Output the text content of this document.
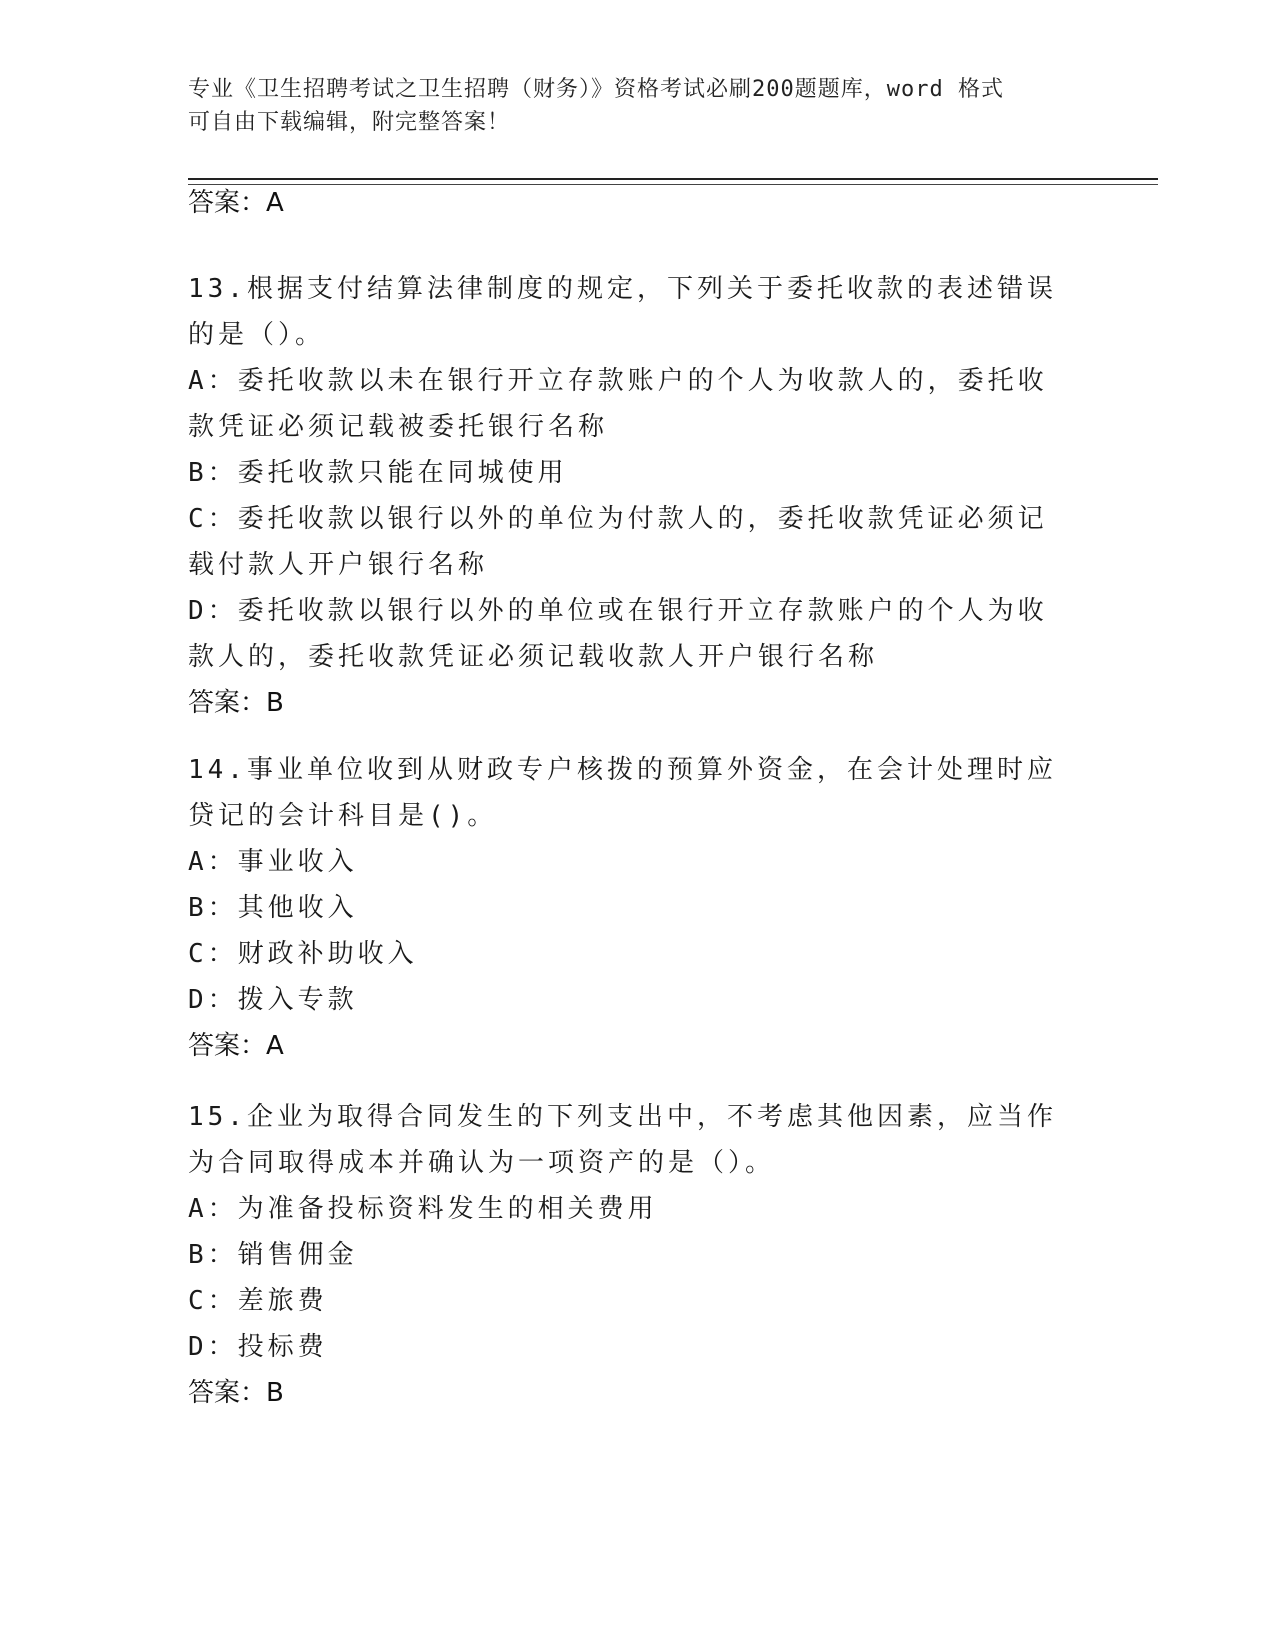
专业《卫生招聘考试之卫生招聘（财务）》资格考试必刷200题题库，word 格式
可自由下载编辑，附完整答案！
答案：A
13.根据支付结算法律制度的规定，下列关于委托收款的表述错误的是（）。
A：委托收款以未在银行开立存款账户的个人为收款人的，委托收款凭证必须记载被委托银行名称
B：委托收款只能在同城使用
C：委托收款以银行以外的单位为付款人的，委托收款凭证必须记载付款人开户银行名称
D：委托收款以银行以外的单位或在银行开立存款账户的个人为收款人的，委托收款凭证必须记载收款人开户银行名称
答案：B
14.事业单位收到从财政专户核拨的预算外资金，在会计处理时应贷记的会计科目是()。
A：事业收入
B：其他收入
C：财政补助收入
D：拨入专款
答案：A
15.企业为取得合同发生的下列支出中，不考虑其他因素，应当作为合同取得成本并确认为一项资产的是（）。
A：为准备投标资料发生的相关费用
B：销售佣金
C：差旅费
D：投标费
答案：B
